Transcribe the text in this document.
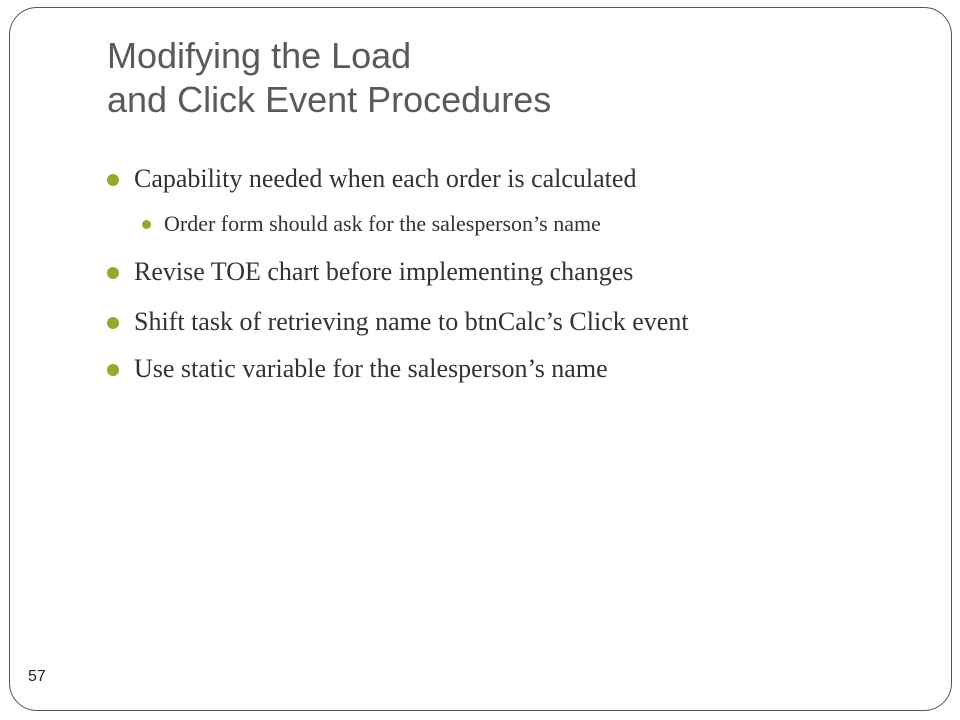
Modifying the Load
and Click Event Procedures
Capability needed when each order is calculated
Order form should ask for the salesperson’s name
Revise TOE chart before implementing changes
Shift task of retrieving name to btnCalc’s Click event
Use static variable for the salesperson’s name
57
